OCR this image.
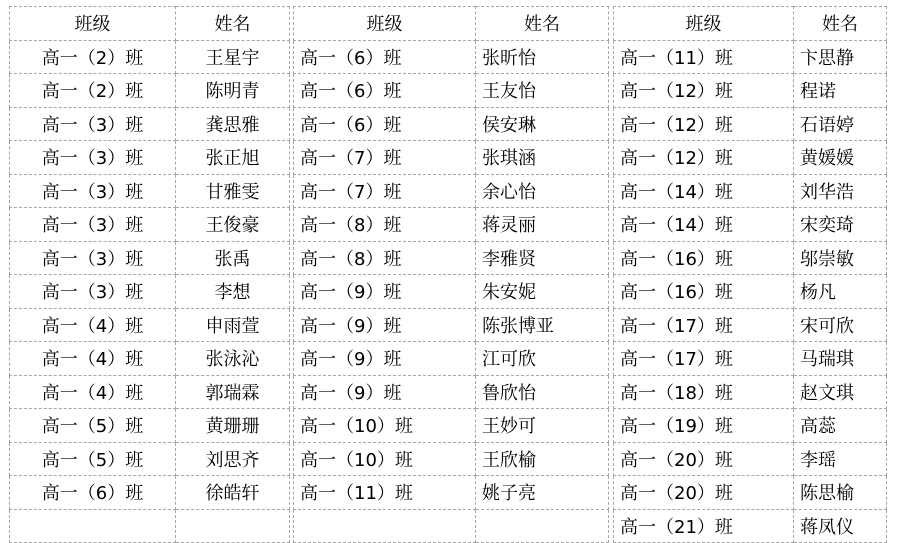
班级	姓名
高一（2）班	王星宇
高一（2）班	陈明青
高一（3）班	龚思雅
高一（3）班	张正旭
高一（3）班	甘雅雯
高一（3）班	王俊豪
高一（3）班	张禹
高一（3）班	李想
高一（4）班	申雨萱
高一（4）班	张泳沁
高一（4）班	郭瑞霖
高一（5）班	黄珊珊
高一（5）班	刘思齐
高一（6）班	徐皓轩

班级	姓名
高一（6）班	张昕怡
高一（6）班	王友怡
高一（6）班	侯安琳
高一（7）班	张琪涵
高一（7）班	余心怡
高一（8）班	蒋灵丽
高一（8）班	李雅贤
高一（9）班	朱安妮
高一（9）班	陈张博亚
高一（9）班	江可欣
高一（9）班	鲁欣怡
高一（10）班	王妙可
高一（10）班	王欣榆
高一（11）班	姚子亮

班级	姓名
高一（11）班	卞思静
高一（12）班	程诺
高一（12）班	石语婷
高一（12）班	黄媛媛
高一（14）班	刘华浩
高一（14）班	宋奕琦
高一（16）班	邬崇敏
高一（16）班	杨凡
高一（17）班	宋可欣
高一（17）班	马瑞琪
高一（18）班	赵文琪
高一（19）班	高蕊
高一（20）班	李瑶
高一（20）班	陈思榆
高一（21）班	蒋凤仪
